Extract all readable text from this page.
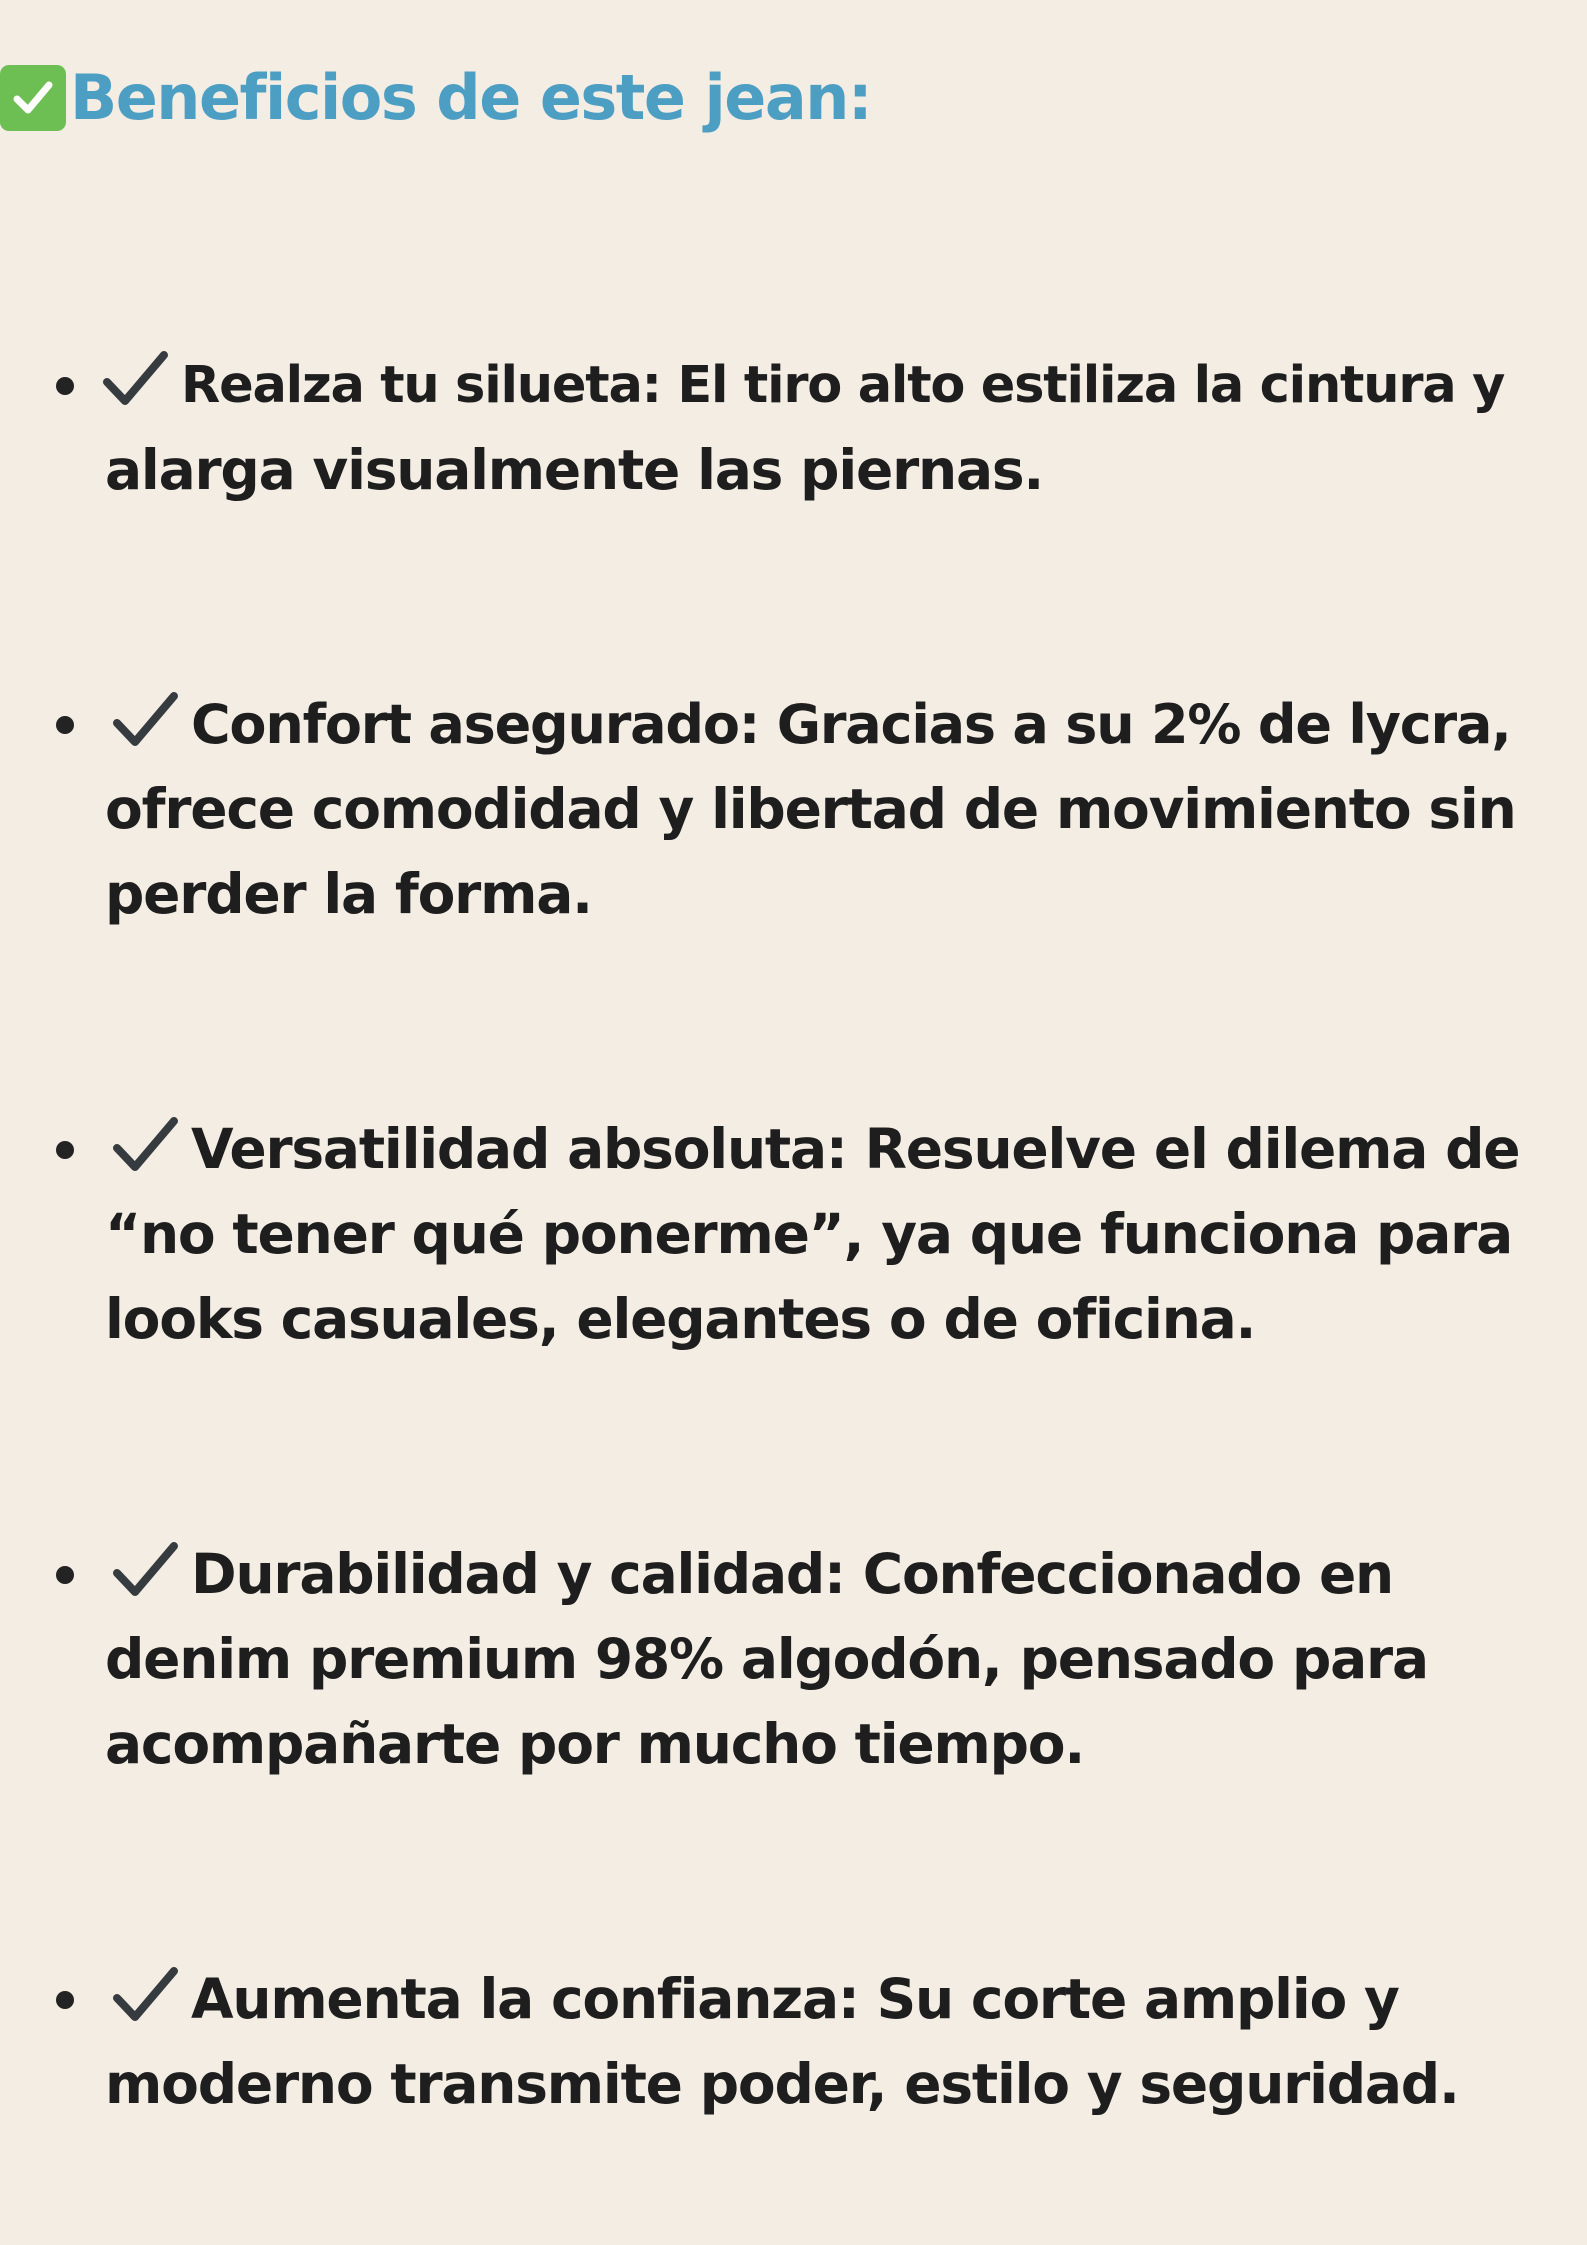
Beneficios de este jean:
Realza tu silueta: El tiro alto estiliza la cintura y
alarga visualmente las piernas.
Confort asegurado: Gracias a su 2% de lycra,
ofrece comodidad y libertad de movimiento sin
perder la forma.
Versatilidad absoluta: Resuelve el dilema de
“no tener qué ponerme”, ya que funciona para
looks casuales, elegantes o de oficina.
Durabilidad y calidad: Confeccionado en
denim premium 98% algodón, pensado para
acompañarte por mucho tiempo.
Aumenta la confianza: Su corte amplio y
moderno transmite poder, estilo y seguridad.
